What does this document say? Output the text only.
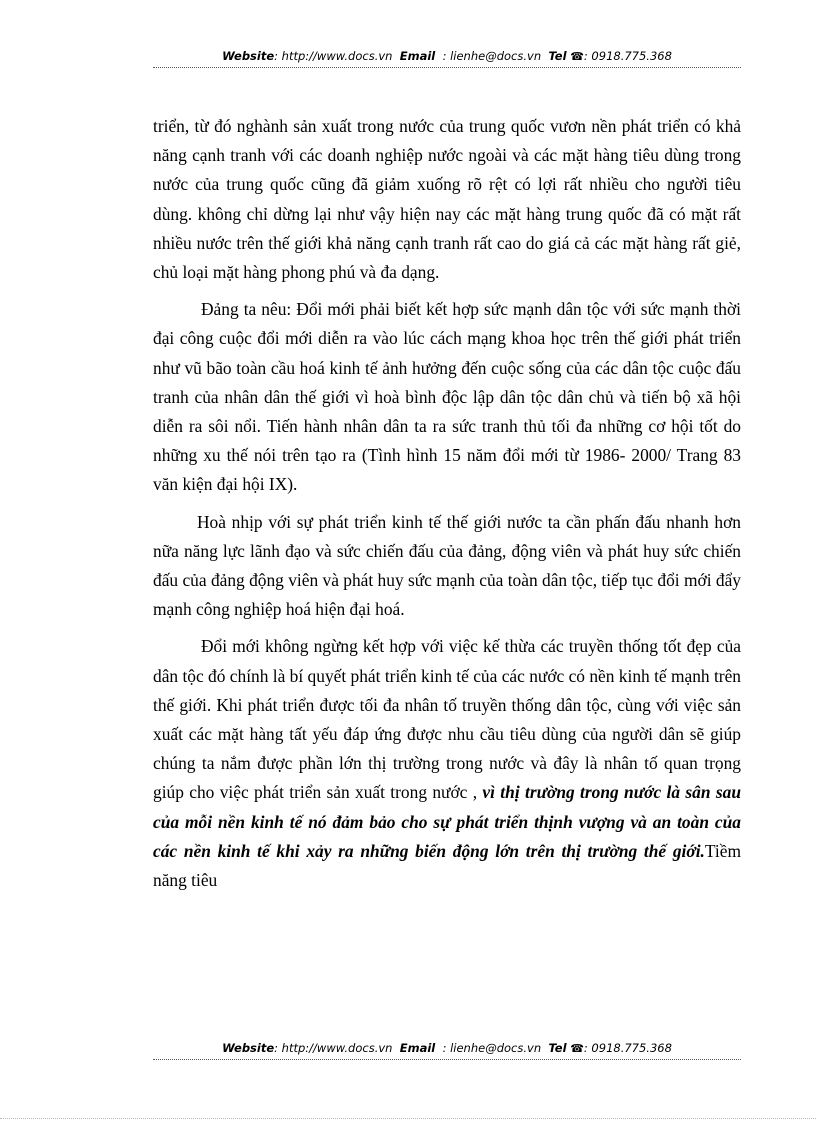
Website: http://www.docs.vn Email : lienhe@docs.vn Tel ☎: 0918.775.368

triển, từ đó nghành sản xuất trong nước của trung quốc vươn nền phát triển có khả năng cạnh tranh với các doanh nghiệp nước ngoài và các mặt hàng tiêu dùng trong nước của trung quốc cũng đã giảm xuống rõ rệt có lợi rất nhiều cho người tiêu dùng. không chỉ dừng lại như vậy hiện nay các mặt hàng trung quốc đã có mặt rất nhiều nước trên thế giới khả năng cạnh tranh rất cao do giá cả các mặt hàng rất giẻ, chủ loại mặt hàng phong phú và đa dạng.

Đảng ta nêu: Đổi mới phải biết kết hợp sức mạnh dân tộc với sức mạnh thời đại công cuộc đổi mới diễn ra vào lúc cách mạng khoa học trên thế giới phát triển như vũ bão toàn cầu hoá kinh tế ảnh hưởng đến cuộc sống của các dân tộc cuộc đấu tranh của nhân dân thế giới vì hoà bình độc lập dân tộc dân chủ và tiến bộ xã hội diễn ra sôi nổi. Tiến hành nhân dân ta ra sức tranh thủ tối đa những cơ hội tốt do những xu thế nói trên tạo ra (Tình hình 15 năm đổi mới từ 1986- 2000/ Trang 83 văn kiện đại hội IX).

Hoà nhịp với sự phát triển kinh tế thế giới nước ta cần phấn đấu nhanh hơn nữa năng lực lãnh đạo và sức chiến đấu của đảng, động viên và phát huy sức chiến đấu của đảng động viên và phát huy sức mạnh của toàn dân tộc, tiếp tục đổi mới đẩy mạnh công nghiệp hoá hiện đại hoá.

Đổi mới không ngừng kết hợp với việc kế thừa các truyền thống tốt đẹp của dân tộc đó chính là bí quyết phát triển kinh tế của các nước có nền kinh tế mạnh trên thế giới. Khi phát triển được tối đa nhân tố truyền thống dân tộc, cùng với việc sản xuất các mặt hàng tất yếu đáp ứng được nhu cầu tiêu dùng của người dân sẽ giúp chúng ta nắm được phần lớn thị trường trong nước và đây là nhân tố quan trọng giúp cho việc phát triển sản xuất trong nước , vì thị trường trong nước là sân sau của mỗi nền kinh tế nó đảm bảo cho sự phát triển thịnh vượng và an toàn của các nền kinh tế khi xảy ra những biến động lớn trên thị trường thế giới.Tiềm năng tiêu

Website: http://www.docs.vn Email : lienhe@docs.vn Tel ☎: 0918.775.368
